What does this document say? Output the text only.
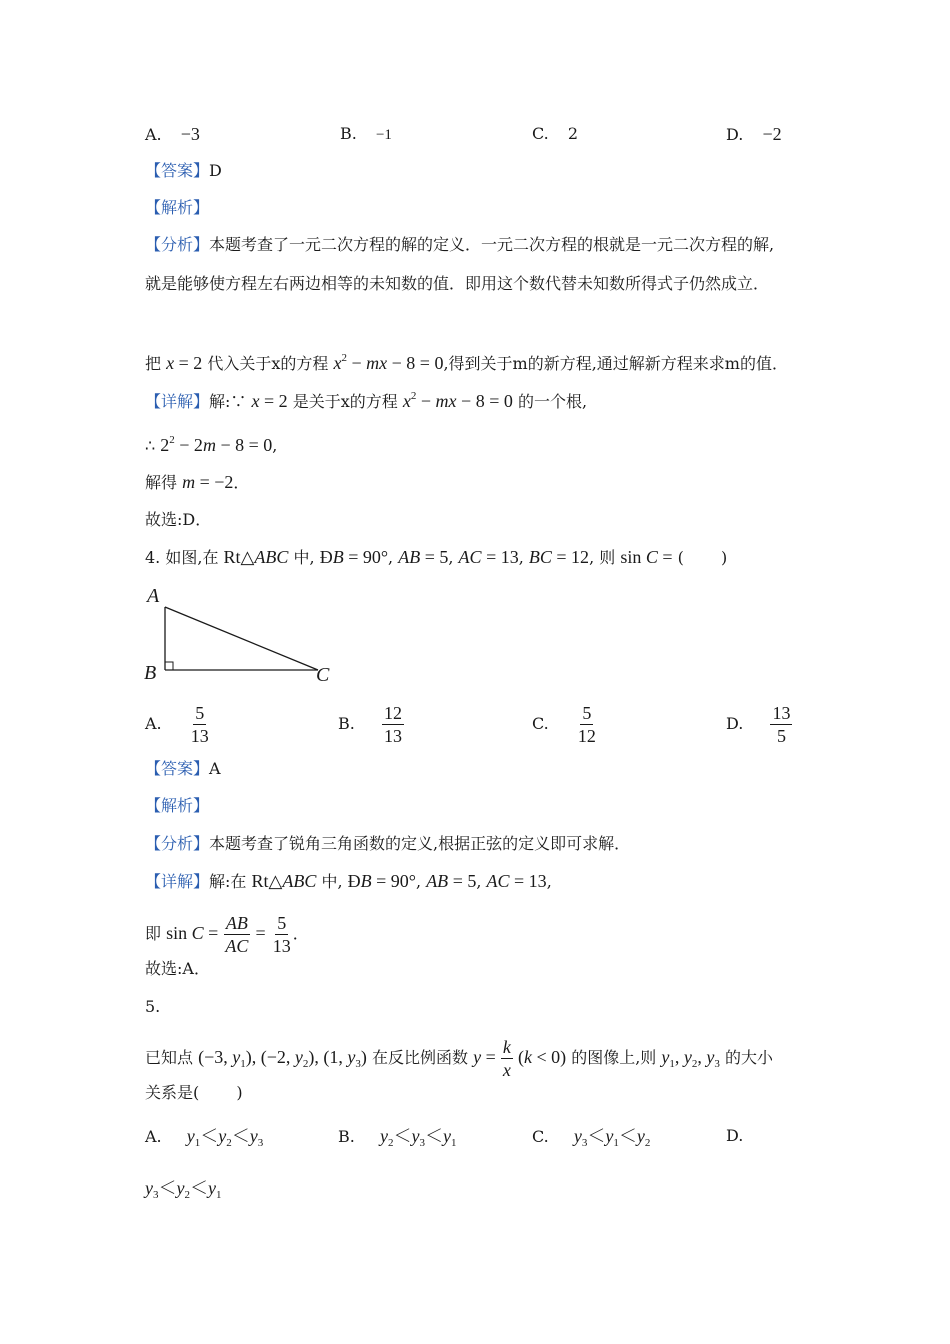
A. −3	B. −1	C. 2	D. −2
【答案】D
【解析】
【分析】本题考查了一元二次方程的解的定义．一元二次方程的根就是一元二次方程的解,
就是能够使方程左右两边相等的未知数的值．即用这个数代替未知数所得式子仍然成立．
把 x = 2 代入关于x的方程 $x^2$ − mx − 8 = 0,得到关于m的新方程,通过解新方程来求m的值．
【详解】解:∵ x = 2 是关于x的方程 $x^2$ − mx − 8 = 0 的一个根,
∴ $2^2 - 2m - 8 = 0$,
解得 m = −2．
故选:D．
4. 如图,在 Rt△ABC 中, ÐB = 90°, AB = 5, AC = 13, BC = 12, 则 sin C = ( 　　)
A
B	C
A. $\frac{5}{13}$	B. $\frac{12}{13}$	C. $\frac{5}{12}$	D. $\frac{13}{5}$
【答案】A
【解析】
【分析】本题考查了锐角三角函数的定义,根据正弦的定义即可求解．
【详解】解:在 Rt△ABC 中, ÐB = 90°, AB = 5, AC = 13,
即 $\sin C = \frac{AB}{AC} = \frac{5}{13}$ ．
故选:A．
5.
已知点 (−3, $y_1$), (−2, $y_2$), (1, $y_3$) 在反比例函数 $y = \frac{k}{x} (k < 0)$ 的图像上,则 $y_1$, $y_2$, $y_3$ 的大小
关系是( 　　)
A. $y_1<y_2<y_3$	B. $y_2<y_3<y_1$	C. $y_3<y_1<y_2$	D.
$y_3<y_2<y_1$
